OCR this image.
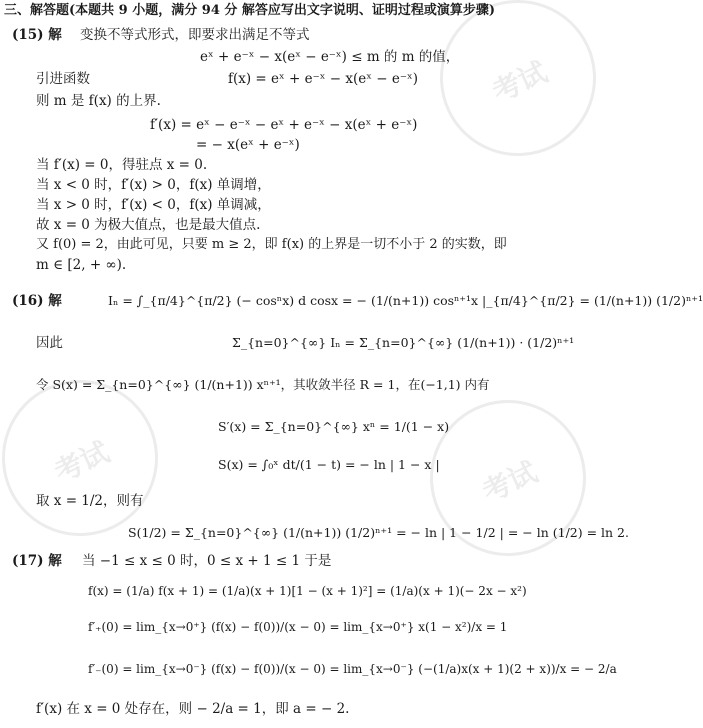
考试	考试
考试
三、解答题(本题共 9 小题，满分 94 分 解答应写出文字说明、证明过程或演算步骤)
(15) 解 变换不等式形式，即要求出满足不等式
eˣ + e⁻ˣ − x(eˣ − e⁻ˣ) ≤ m 的 m 的值，
引进函数	f(x) = eˣ + e⁻ˣ − x(eˣ − e⁻ˣ)
则 m 是 f(x) 的上界.
f′(x) = eˣ − e⁻ˣ − eˣ + e⁻ˣ − x(eˣ + e⁻ˣ)
= − x(eˣ + e⁻ˣ)
当 f′(x) = 0，得驻点 x = 0.
当 x < 0 时，f′(x) > 0，f(x) 单调增，
当 x > 0 时，f′(x) < 0，f(x) 单调减，
故 x = 0 为极大值点，也是最大值点.
又 f(0) = 2，由此可见，只要 m ≥ 2，即 f(x) 的上界是一切不小于 2 的实数，即
m ∈ [2, + ∞).
(16) 解	Iₙ = ∫_{π/4}^{π/2} (− cosⁿx) d cosx = − (1/(n+1)) cosⁿ⁺¹x |_{π/4}^{π/2} = (1/(n+1)) (1/2)ⁿ⁺¹
因此	Σ_{n=0}^{∞} Iₙ = Σ_{n=0}^{∞} (1/(n+1)) · (1/2)ⁿ⁺¹
令 S(x) = Σ_{n=0}^{∞} (1/(n+1)) xⁿ⁺¹，其收敛半径 R = 1，在(−1,1) 内有
S′(x) = Σ_{n=0}^{∞} xⁿ = 1/(1 − x)
S(x) = ∫₀ˣ dt/(1 − t) = − ln | 1 − x |
取 x = 1/2，则有
S(1/2) = Σ_{n=0}^{∞} (1/(n+1)) (1/2)ⁿ⁺¹ = − ln | 1 − 1/2 | = − ln (1/2) = ln 2.
(17) 解 当 −1 ≤ x ≤ 0 时，0 ≤ x + 1 ≤ 1 于是
f(x) = (1/a) f(x + 1) = (1/a)(x + 1)[1 − (x + 1)²] = (1/a)(x + 1)(− 2x − x²)
f′₊(0) = lim_{x→0⁺} (f(x) − f(0))/(x − 0) = lim_{x→0⁺} x(1 − x²)/x = 1
f′₋(0) = lim_{x→0⁻} (f(x) − f(0))/(x − 0) = lim_{x→0⁻} (−(1/a)x(x + 1)(2 + x))/x = − 2/a
f′(x) 在 x = 0 处存在，则 − 2/a = 1，即 a = − 2.
